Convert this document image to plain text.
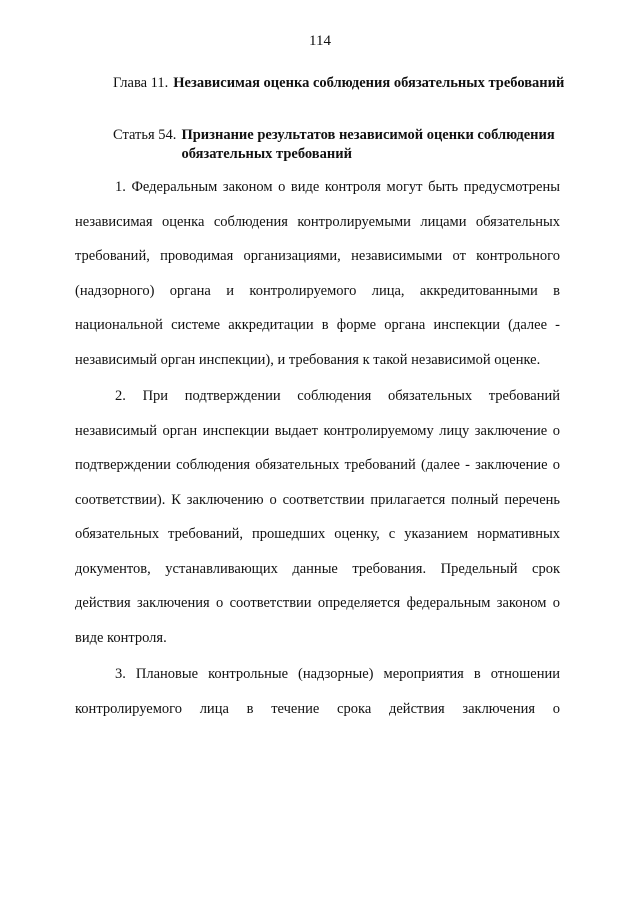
114
Глава 11. Независимая оценка соблюдения обязательных требований
Статья 54. Признание результатов независимой оценки соблюдения обязательных требований

1. Федеральным законом о виде контроля могут быть предусмотрены независимая оценка соблюдения контролируемыми лицами обязательных требований, проводимая организациями, независимыми от контрольного (надзорного) органа и контролируемого лица, аккредитованными в национальной системе аккредитации в форме органа инспекции (далее - независимый орган инспекции), и требования к такой независимой оценке.

2. При подтверждении соблюдения обязательных требований независимый орган инспекции выдает контролируемому лицу заключение о подтверждении соблюдения обязательных требований (далее - заключение о соответствии). К заключению о соответствии прилагается полный перечень обязательных требований, прошедших оценку, с указанием нормативных документов, устанавливающих данные требования. Предельный срок действия заключения о соответствии определяется федеральным законом о виде контроля.

3. Плановые контрольные (надзорные) мероприятия в отношении контролируемого лица в течение срока действия заключения о
